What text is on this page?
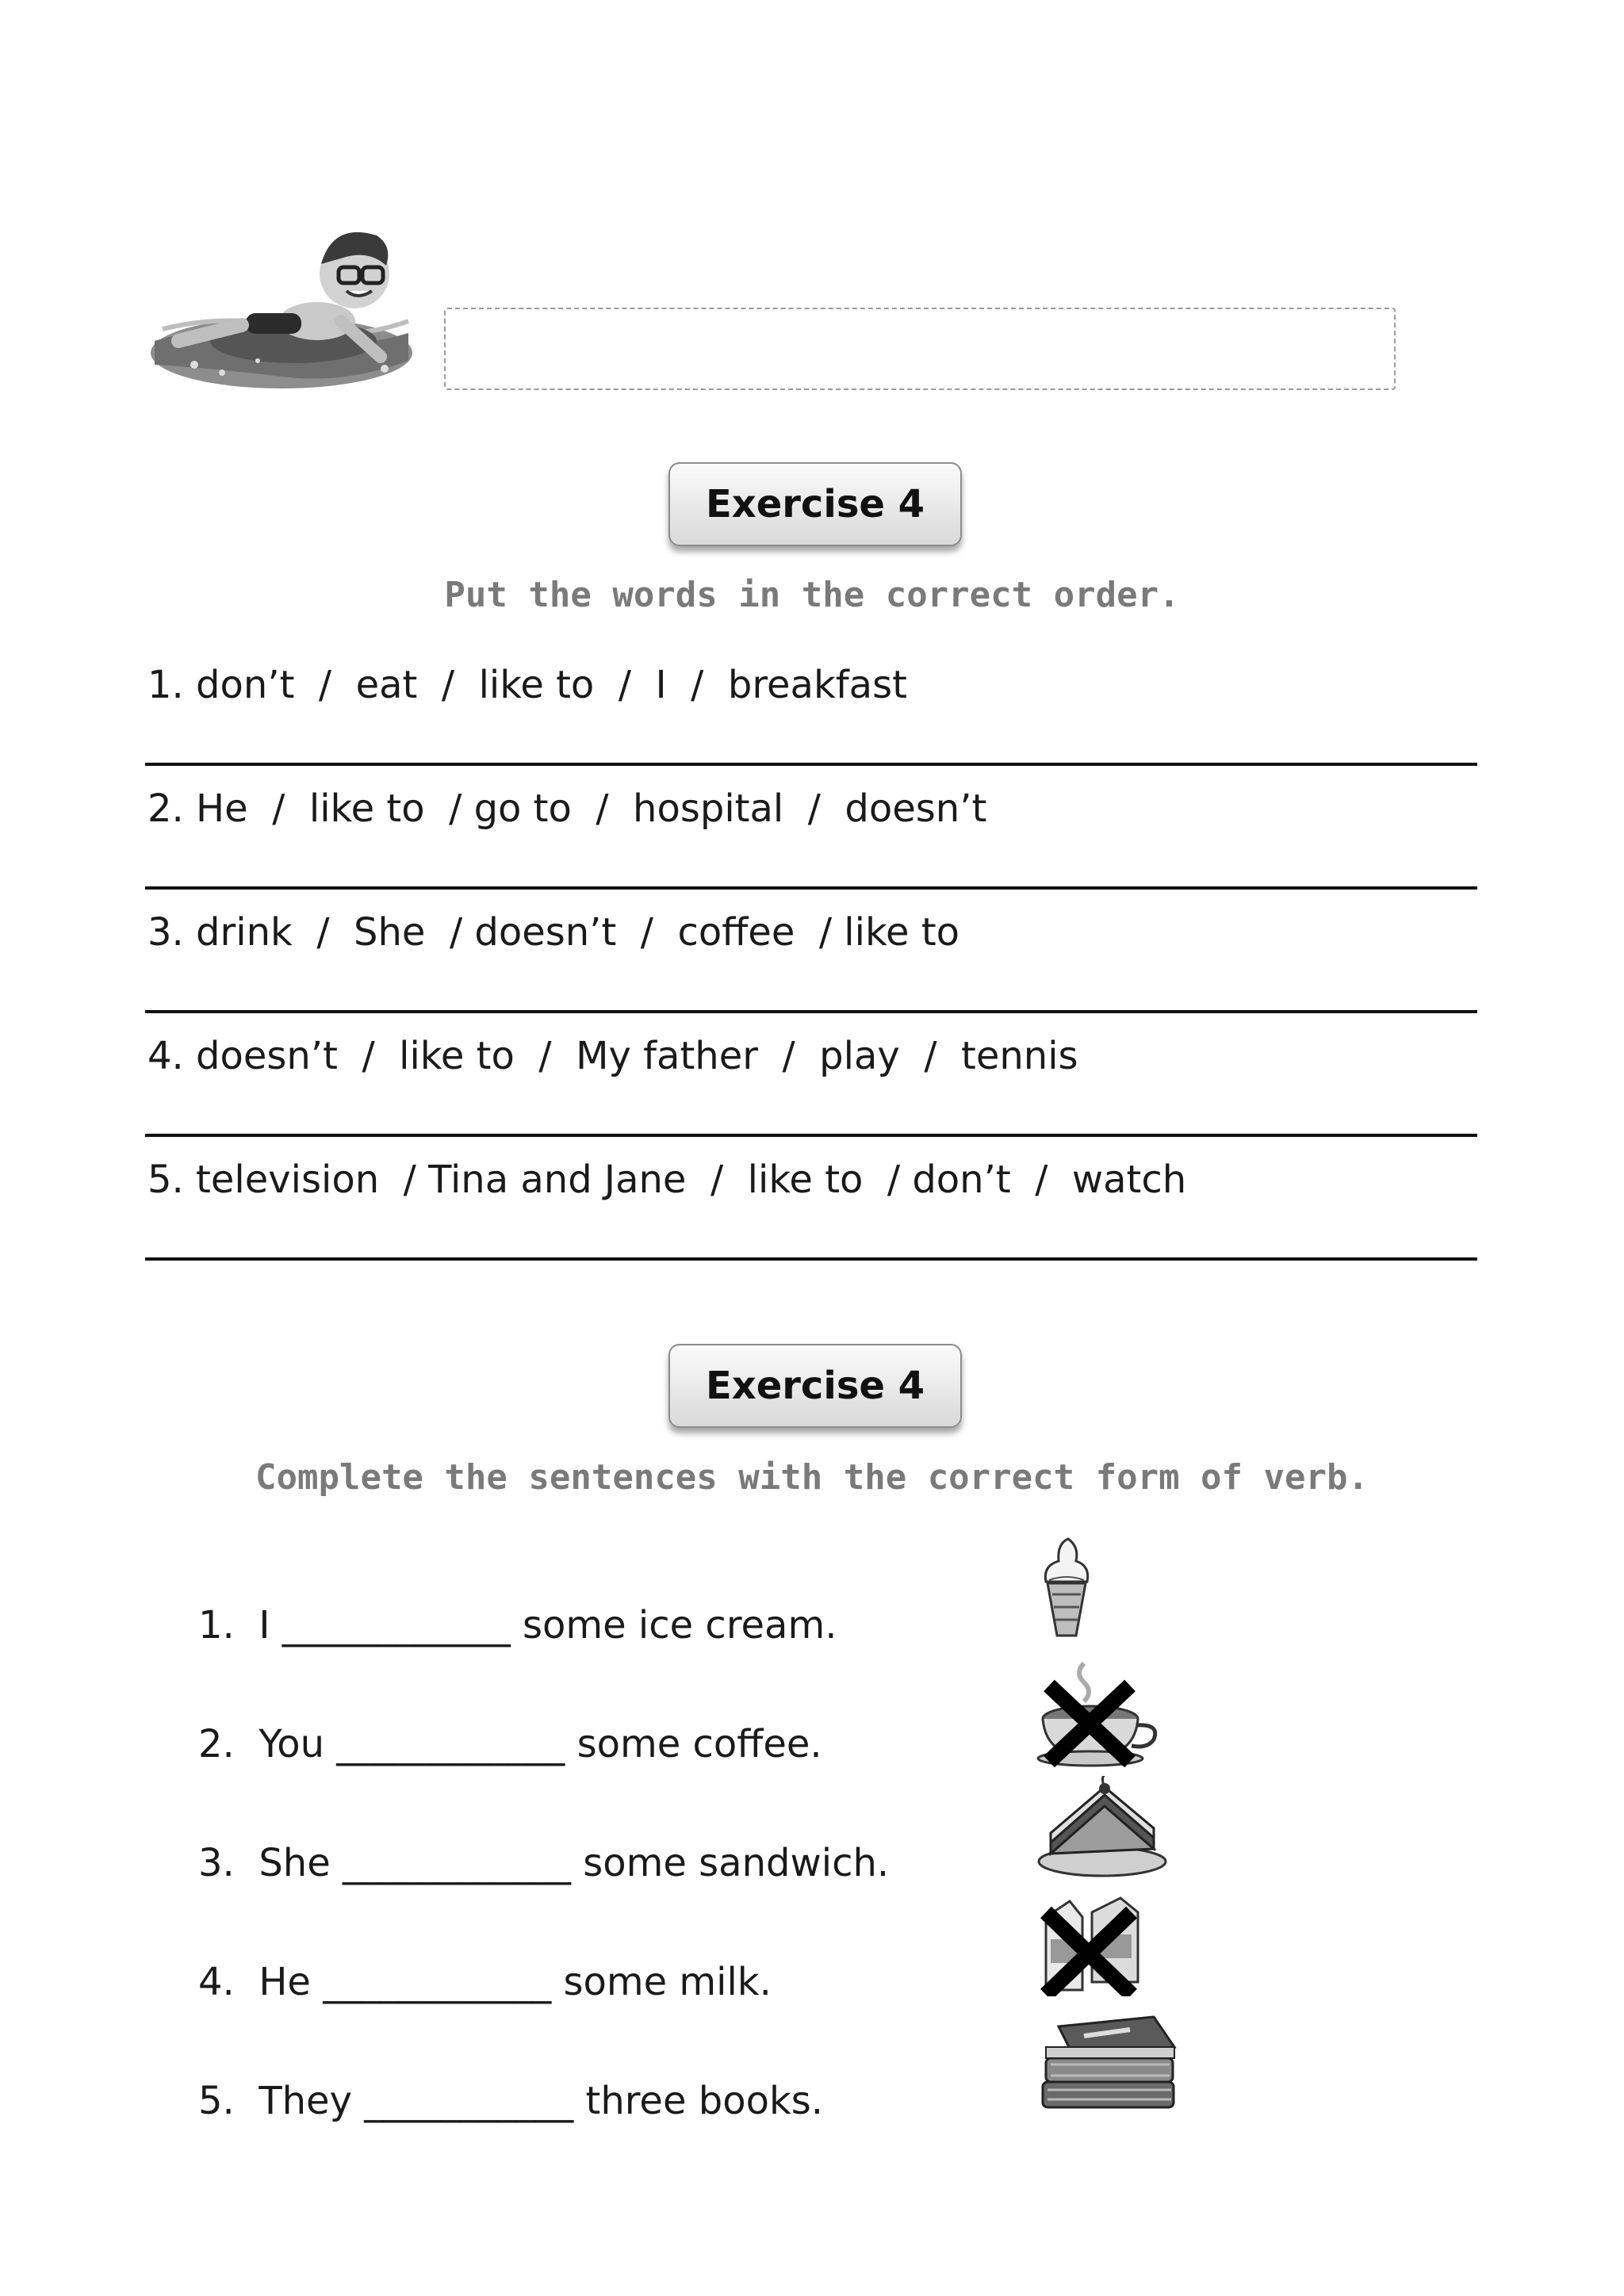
Exercise 4
Put the words in the correct order.
1. don’t  /  eat  /  like to  /  I  /  breakfast
2. He  /  like to  / go to  /  hospital  /  doesn’t
3. drink  /  She  / doesn’t  /  coffee  / like to
4. doesn’t  /  like to  /  My father  /  play  /  tennis
5. television  / Tina and Jane  /  like to  / don’t  /  watch
Exercise 4
Complete the sentences with the correct form of verb.
1.  I ____________ some ice cream.
2.  You ____________ some coffee.
3.  She ____________ some sandwich.
4.  He ____________ some milk.
5.  They ___________ three books.
